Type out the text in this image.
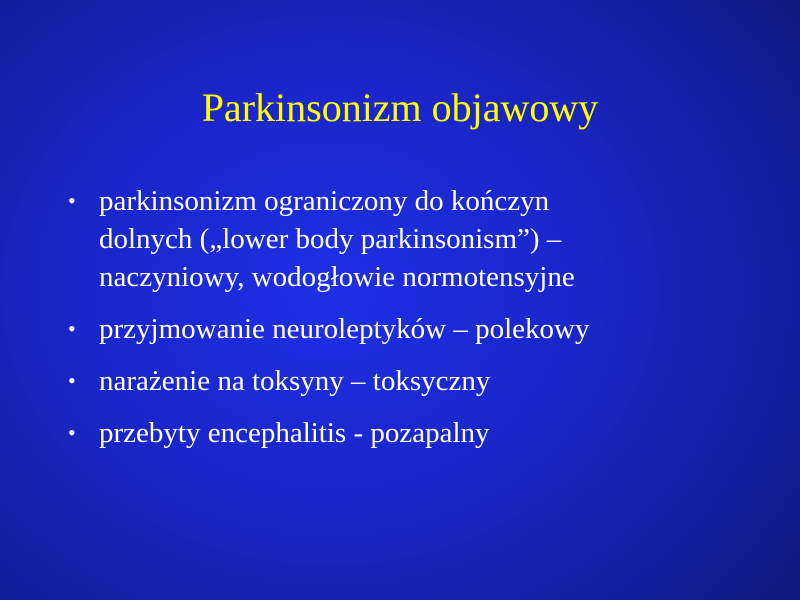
Parkinsonizm objawowy
• parkinsonizm ograniczony do kończyn
dolnych („lower body parkinsonism”) –
naczyniowy, wodogłowie normotensyjne
• przyjmowanie neuroleptyków – polekowy
• narażenie na toksyny – toksyczny
• przebyty encephalitis - pozapalny
